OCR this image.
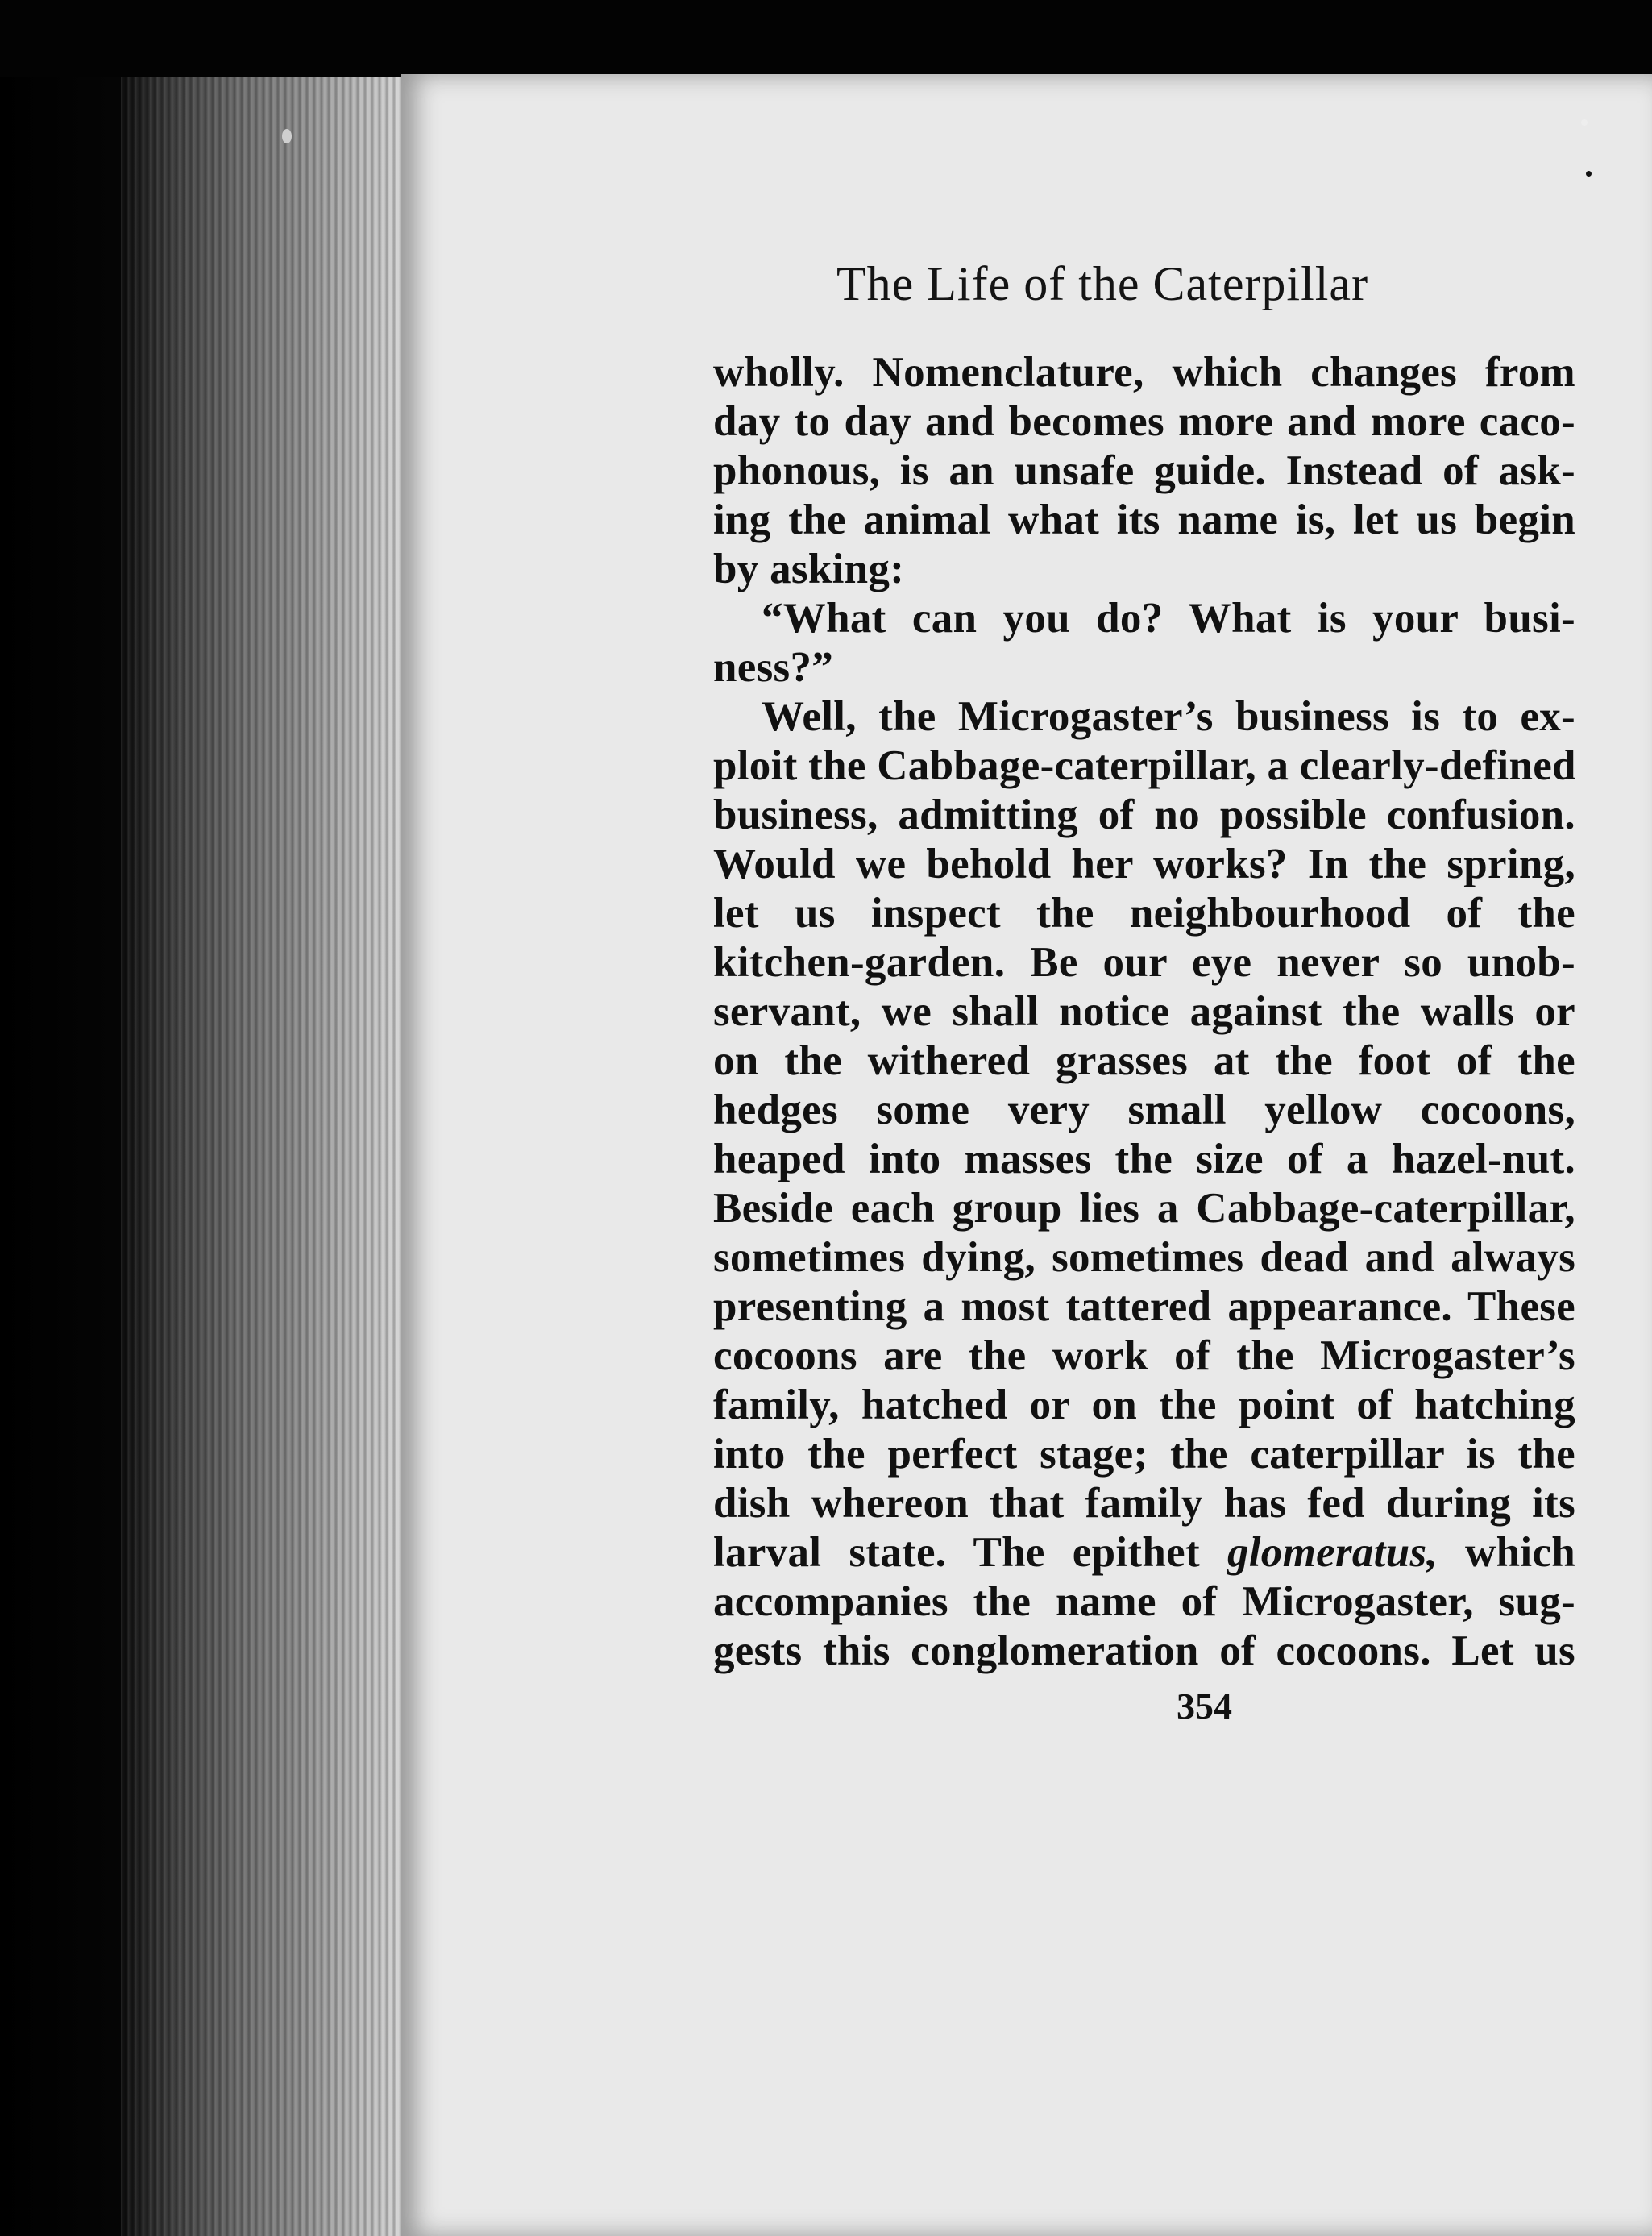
The Life of the Caterpillar
wholly. Nomenclature, which changes from
day to day and becomes more and more caco-
phonous, is an unsafe guide. Instead of ask-
ing the animal what its name is, let us begin
by asking:
“What can you do? What is your busi-
ness?”
Well, the Microgaster’s business is to ex-
ploit the Cabbage-caterpillar, a clearly-defined
business, admitting of no possible confusion.
Would we behold her works? In the spring,
let us inspect the neighbourhood of the
kitchen-garden. Be our eye never so unob-
servant, we shall notice against the walls or
on the withered grasses at the foot of the
hedges some very small yellow cocoons,
heaped into masses the size of a hazel-nut.
Beside each group lies a Cabbage-caterpillar,
sometimes dying, sometimes dead and always
presenting a most tattered appearance. These
cocoons are the work of the Microgaster’s
family, hatched or on the point of hatching
into the perfect stage; the caterpillar is the
dish whereon that family has fed during its
larval state. The epithet glomeratus, which
accompanies the name of Microgaster, sug-
gests this conglomeration of cocoons. Let us
354
